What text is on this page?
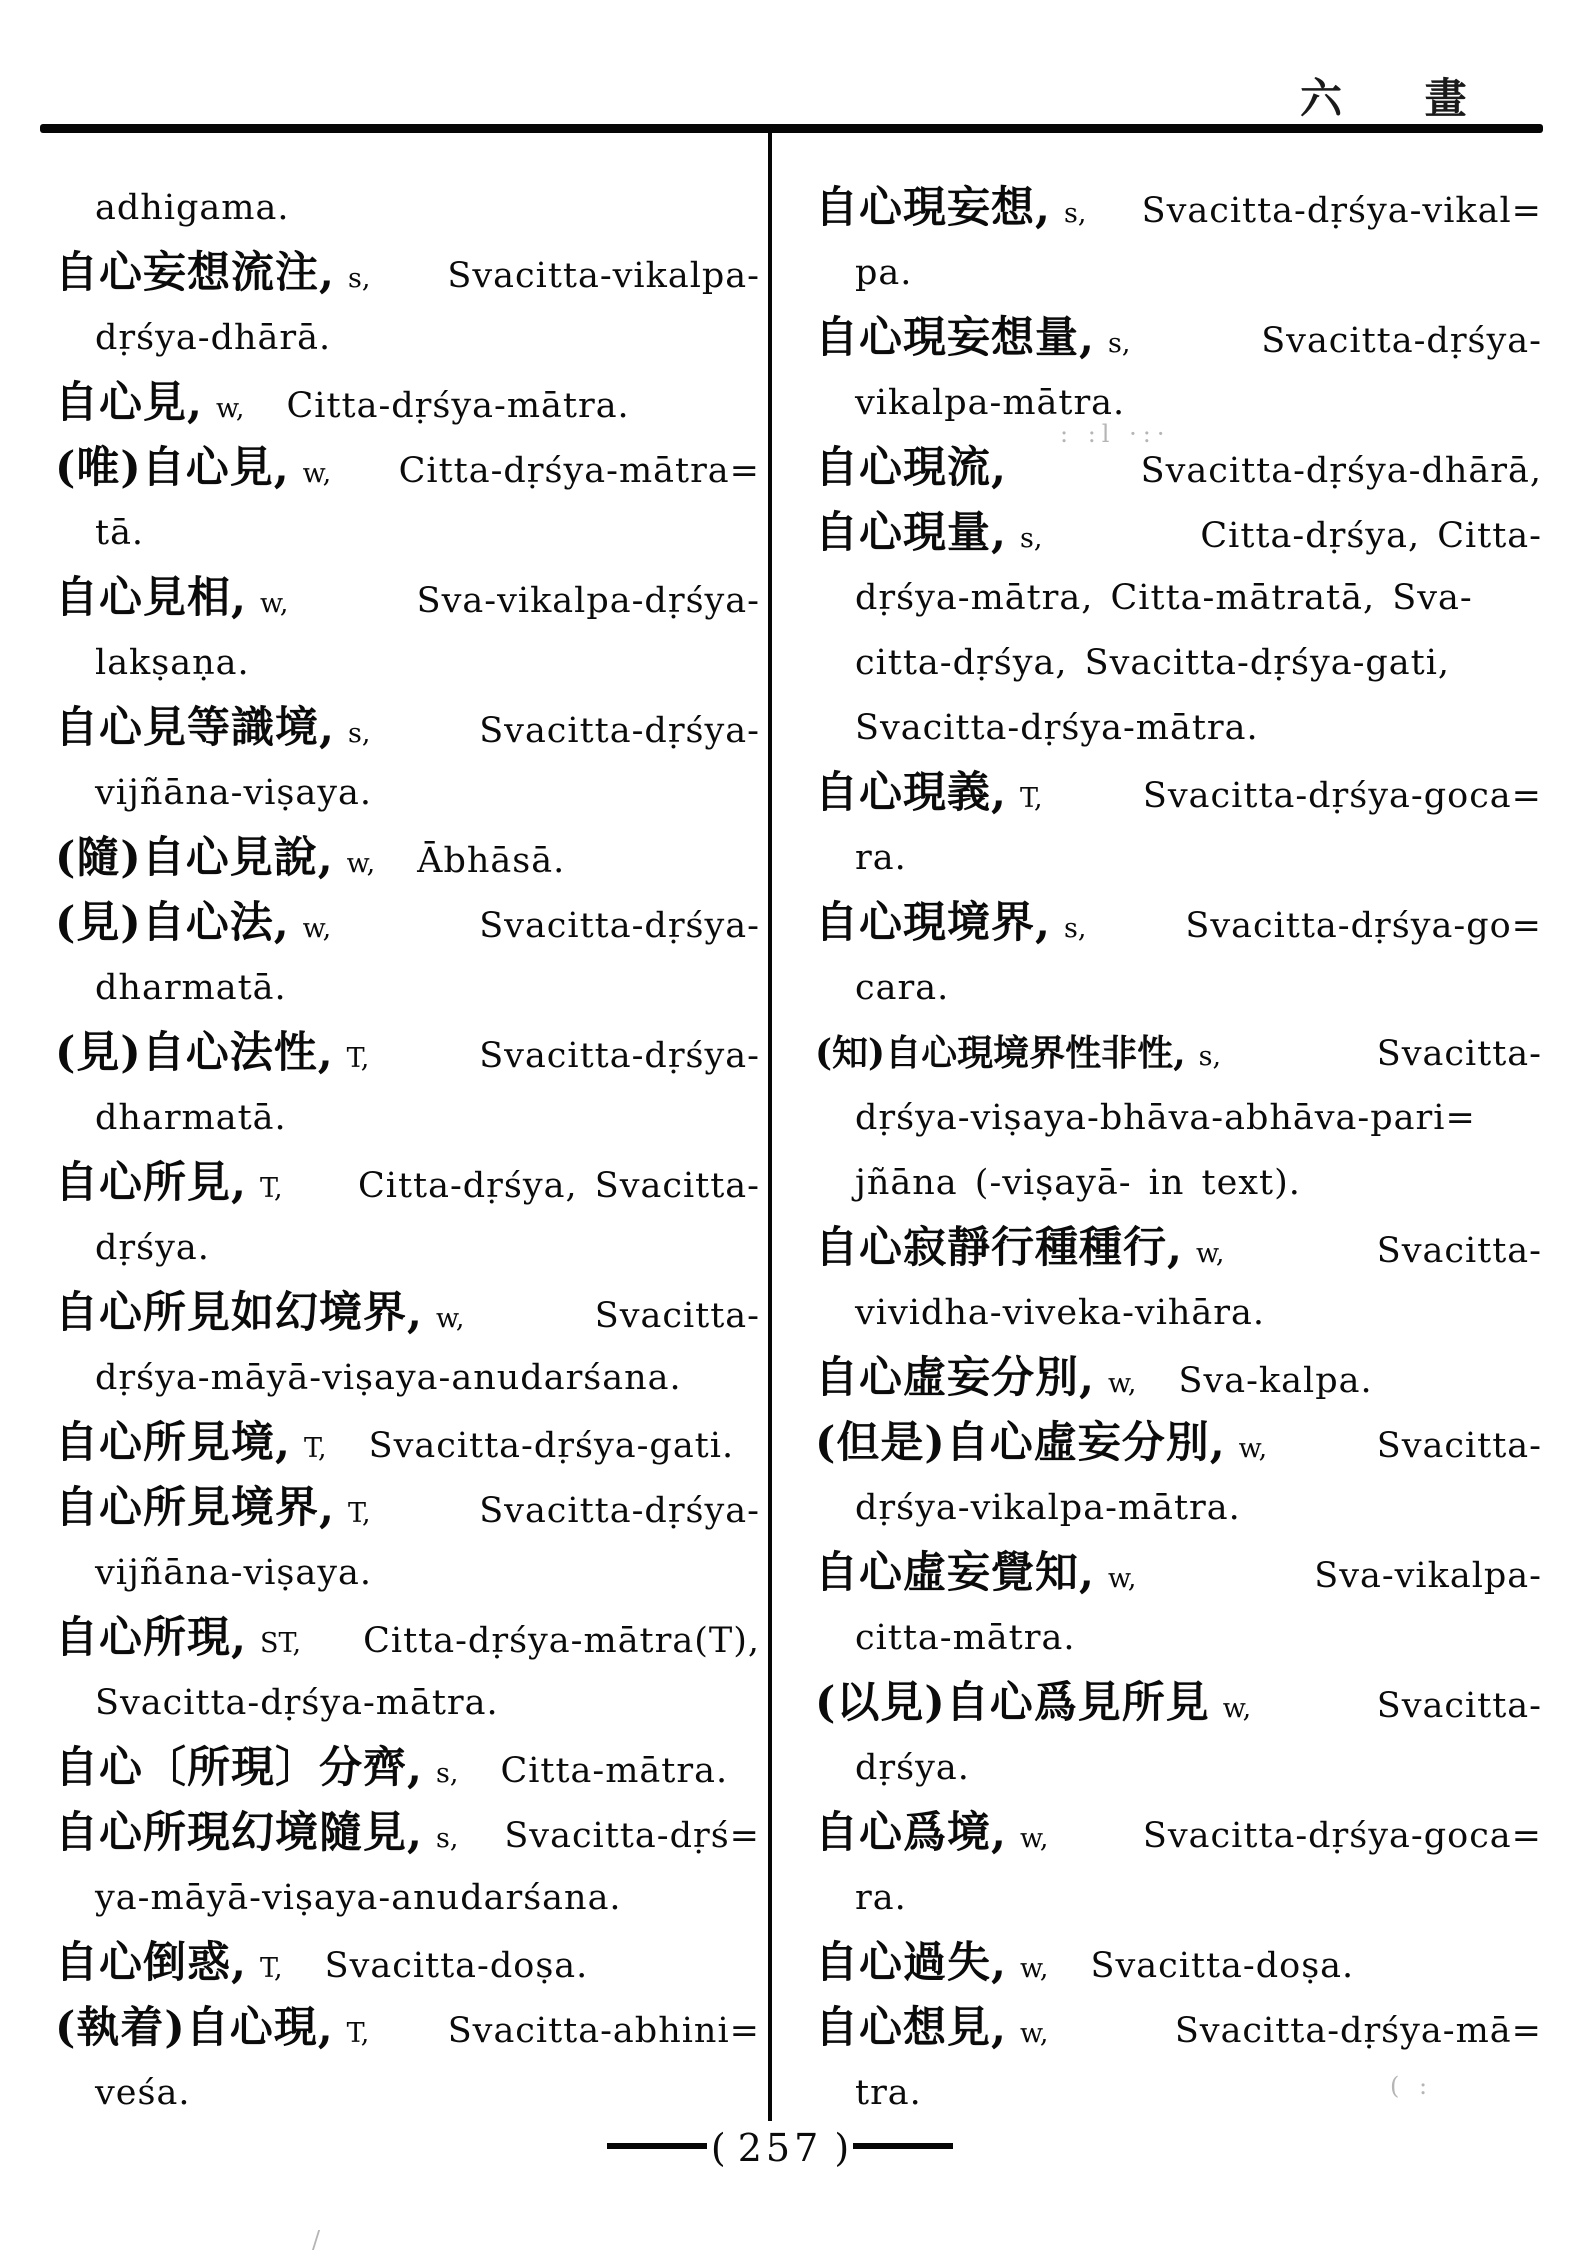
六 畫
adhigama.
自心妄想流注, s, Svacitta-vikalpa-
dṛśya-dhārā.
自心見, w, Citta-dṛśya-mātra.
(唯)自心見, w, Citta-dṛśya-mātra=
tā.
自心見相, w,	Sva-vikalpa-dṛśya-
lakṣaṇa.
自心見等識境, s,	Svacitta-dṛśya-
vijñāna-viṣaya.
(隨)自心見說, w, Ābhāsā.
(見)自心法, w,	Svacitta-dṛśya-
dharmatā.
(見)自心法性, T,	Svacitta-dṛśya-
dharmatā.
自心所見, T, Citta-dṛśya, Svacitta-
dṛśya.
自心所見如幻境界, w,	Svacitta-
dṛśya-māyā-viṣaya-anudarśana.
自心所見境, T, Svacitta-dṛśya-gati.
自心所見境界, T,	Svacitta-dṛśya-
vijñāna-viṣaya.
自心所現, ST, Citta-dṛśya-mātra(T),
Svacitta-dṛśya-mātra.
自心〔所現〕分齊, s, Citta-mātra.
自心所現幻境隨見, s, Svacitta-dṛś=
ya-māyā-viṣaya-anudarśana.
自心倒惑, T, Svacitta-doṣa.
(執着)自心現, T, Svacitta-abhini=
veśa.
自心現妄想, s, Svacitta-dṛśya-vikal=
pa.
自心現妄想量, s,	Svacitta-dṛśya-
vikalpa-mātra.
自心現流,	Svacitta-dṛśya-dhārā,
自心現量, s,	Citta-dṛśya, Citta-
dṛśya-mātra, Citta-mātratā, Sva-
citta-dṛśya, Svacitta-dṛśya-gati,
Svacitta-dṛśya-mātra.
自心現義, T,	Svacitta-dṛśya-goca=
ra.
自心現境界, s,	Svacitta-dṛśya-go=
cara.
(知)自心現境界性非性, s,	Svacitta-
dṛśya-viṣaya-bhāva-abhāva-pari=
jñāna (-viṣayā- in text).
自心寂靜行種種行, w,	Svacitta-
vividha-viveka-vihāra.
自心虛妄分別, w, Sva-kalpa.
(但是)自心虛妄分別, w,	Svacitta-
dṛśya-vikalpa-mātra.
自心虛妄覺知, w,	Sva-vikalpa-
citta-mātra.
(以見)自心爲見所見 w,	Svacitta-
dṛśya.
自心爲境, w,	Svacitta-dṛśya-goca=
ra.
自心過失, w, Svacitta-doṣa.
自心想見, w,	Svacitta-dṛśya-mā=
tra.
( 257 )
: :l ·:·
( :
/
